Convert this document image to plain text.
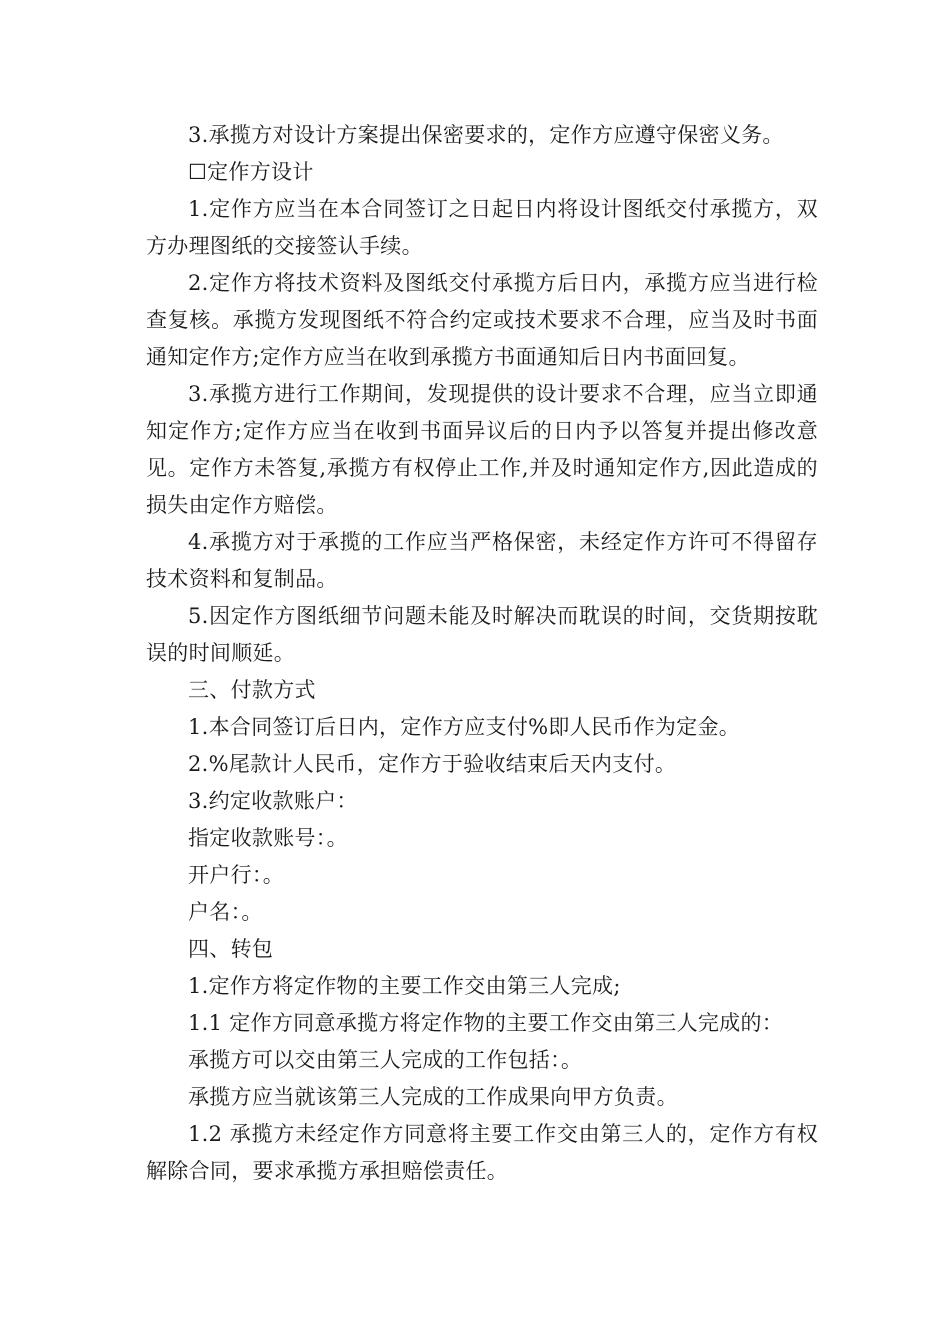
3.承揽方对设计方案提出保密要求的，定作方应遵守保密义务。

☐定作方设计

1.定作方应当在本合同签订之日起日内将设计图纸交付承揽方，双方办理图纸的交接签认手续。

2.定作方将技术资料及图纸交付承揽方后日内，承揽方应当进行检查复核。承揽方发现图纸不符合约定或技术要求不合理，应当及时书面通知定作方;定作方应当在收到承揽方书面通知后日内书面回复。

3.承揽方进行工作期间，发现提供的设计要求不合理，应当立即通知定作方;定作方应当在收到书面异议后的日内予以答复并提出修改意见。定作方未答复,承揽方有权停止工作,并及时通知定作方,因此造成的损失由定作方赔偿。

4.承揽方对于承揽的工作应当严格保密，未经定作方许可不得留存技术资料和复制品。

5.因定作方图纸细节问题未能及时解决而耽误的时间，交货期按耽误的时间顺延。

三、付款方式

1.本合同签订后日内，定作方应支付%即人民币作为定金。

2.%尾款计人民币，定作方于验收结束后天内支付。

3.约定收款账户：

指定收款账号：。

开户行：。

户名：。

四、转包

1.定作方将定作物的主要工作交由第三人完成;

1.1 定作方同意承揽方将定作物的主要工作交由第三人完成的：

承揽方可以交由第三人完成的工作包括：。

承揽方应当就该第三人完成的工作成果向甲方负责。

1.2 承揽方未经定作方同意将主要工作交由第三人的，定作方有权解除合同，要求承揽方承担赔偿责任。
